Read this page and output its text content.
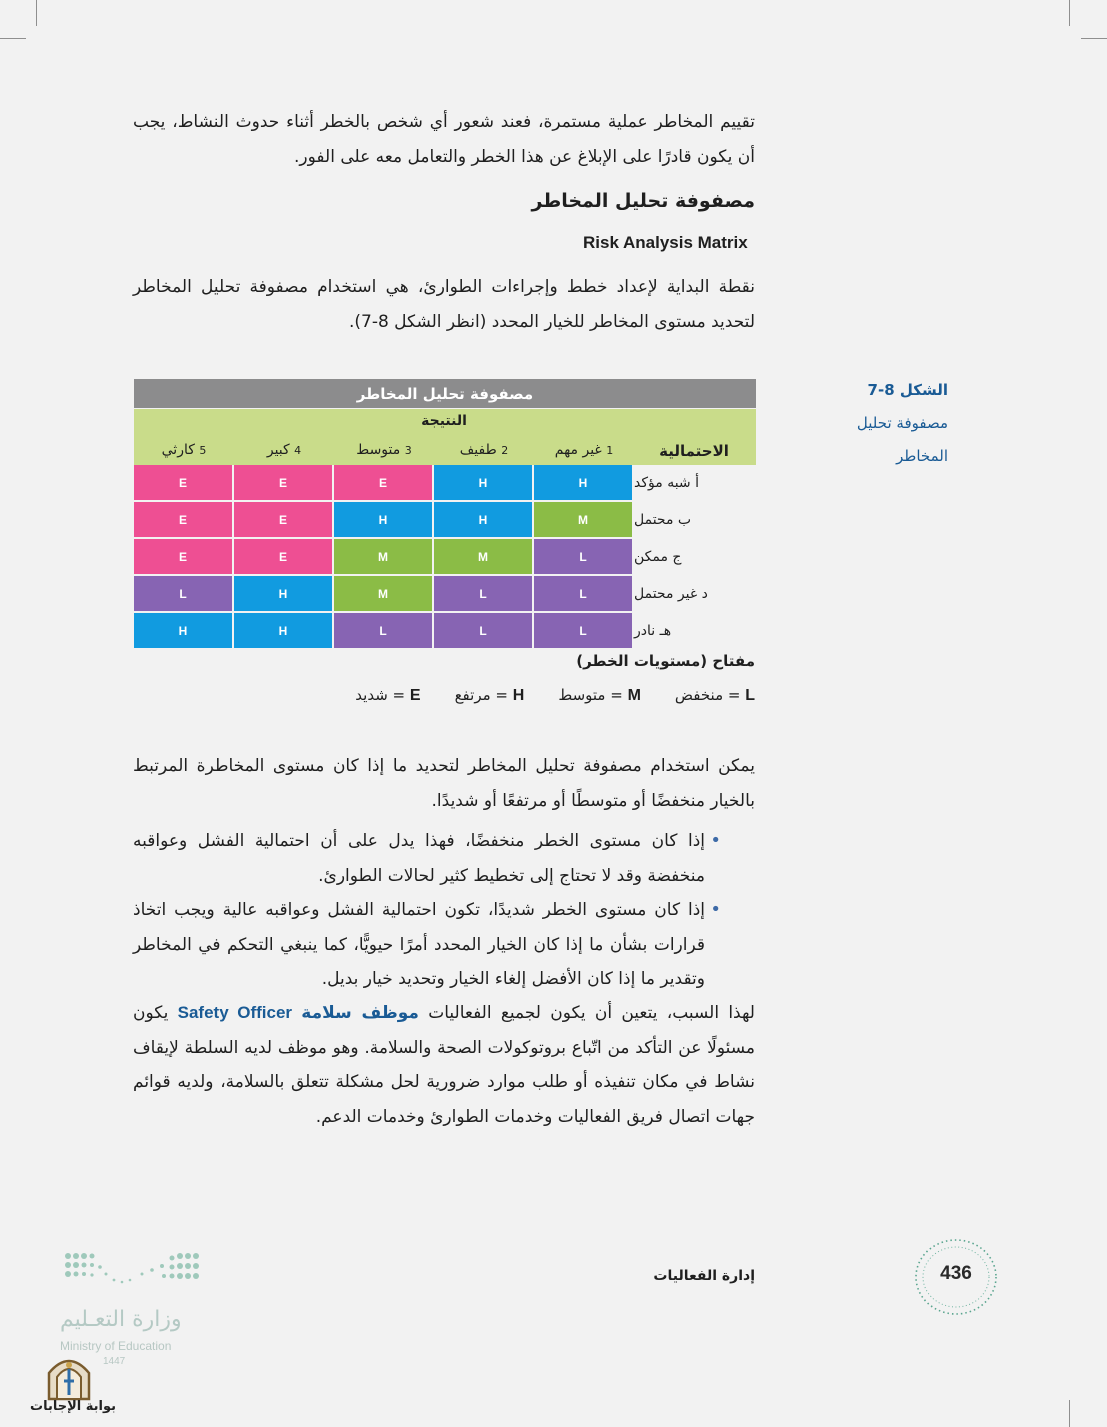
تقييم المخاطر عملية مستمرة، فعند شعور أي شخص بالخطر أثناء حدوث النشاط، يجب أن يكون قادرًا على الإبلاغ عن هذا الخطر والتعامل معه على الفور.

مصفوفة تحليل المخاطر
Risk Analysis Matrix

نقطة البداية لإعداد خطط وإجراءات الطوارئ، هي استخدام مصفوفة تحليل المخاطر لتحديد مستوى المخاطر للخيار المحدد (انظر الشكل 8-7).

الشكل 8-7
مصفوفة تحليل المخاطر
مصفوفة تحليل المخاطر
النتيجة
الاحتمالية
1 غير مهم
2 طفيف
3 متوسط
4 كبير
5 كارثي
أ شبه مؤكد
ب محتمل
ج ممكن
د غير محتمل
هـ نادر
H
H
E
E
E
M
H
H
E
E
L
M
M
E
E
L
L
M
H
L
L
L
L
H
H
مفتاح (مستويات الخطر)
L = منخفض
M = متوسط
H = مرتفع
E = شديد

يمكن استخدام مصفوفة تحليل المخاطر لتحديد ما إذا كان مستوى المخاطرة المرتبط بالخيار منخفضًا أو متوسطًا أو مرتفعًا أو شديدًا.

• إذا كان مستوى الخطر منخفضًا، فهذا يدل على أن احتمالية الفشل وعواقبه منخفضة وقد لا تحتاج إلى تخطيط كثير لحالات الطوارئ.
• إذا كان مستوى الخطر شديدًا، تكون احتمالية الفشل وعواقبه عالية ويجب اتخاذ قرارات بشأن ما إذا كان الخيار المحدد أمرًا حيويًّا، كما ينبغي التحكم في المخاطر وتقدير ما إذا كان الأفضل إلغاء الخيار وتحديد خيار بديل.

لهذا السبب، يتعين أن يكون لجميع الفعاليات موظف سلامة Safety Officer يكون مسئولًا عن التأكد من اتّباع بروتوكولات الصحة والسلامة. وهو موظف لديه السلطة لإيقاف نشاط في مكان تنفيذه أو طلب موارد ضرورية لحل مشكلة تتعلق بالسلامة، ولديه قوائم جهات اتصال فريق الفعاليات وخدمات الطوارئ وخدمات الدعم.

إدارة الفعاليات	436
وزارة التعـليم
Ministry of Education
1447
بوابة الإجابات
